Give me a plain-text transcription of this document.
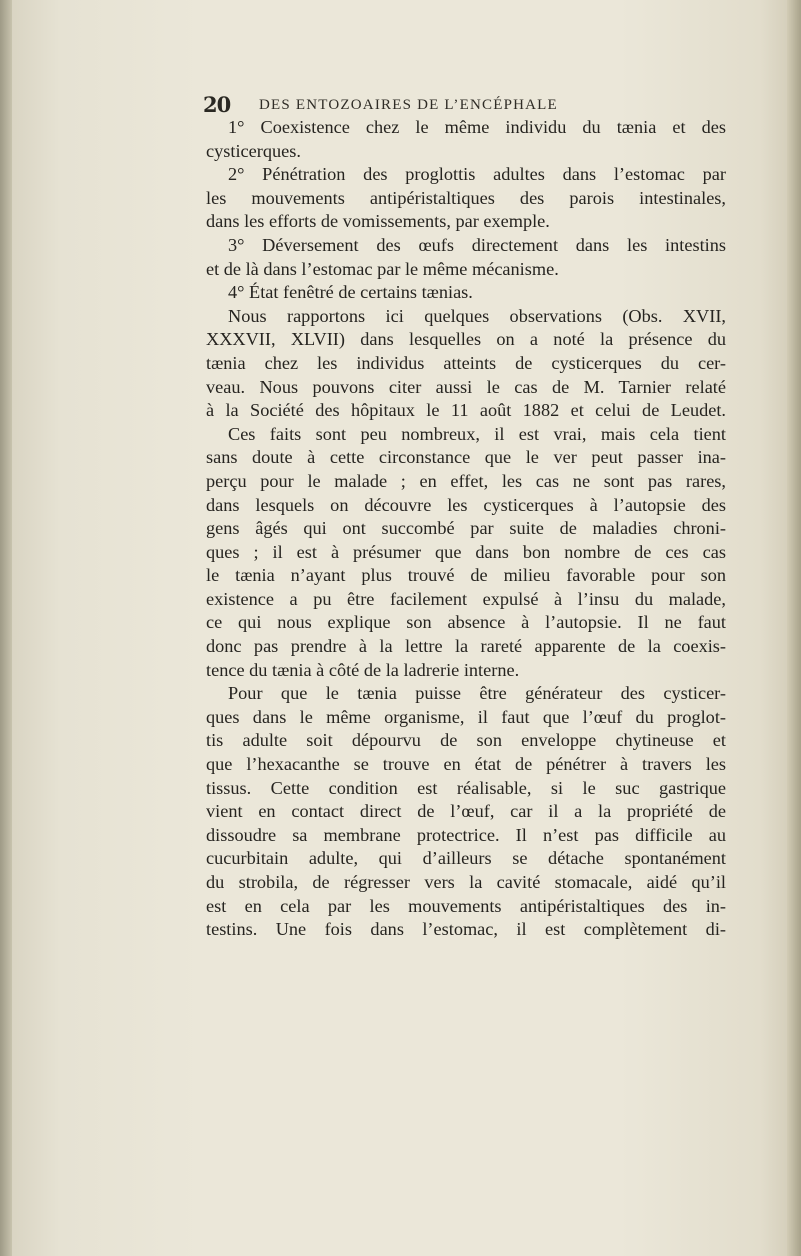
20 DES ENTOZOAIRES DE L’ENCÉPHALE
1° Coexistence chez le même individu du tænia et des
cysticerques.
2° Pénétration des proglottis adultes dans l’estomac par
les mouvements antipéristaltiques des parois intestinales,
dans les efforts de vomissements, par exemple.
3° Déversement des œufs directement dans les intestins
et de là dans l’estomac par le même mécanisme.
4° État fenêtré de certains tænias.
Nous rapportons ici quelques observations (Obs. XVII,
XXXVII, XLVII) dans lesquelles on a noté la présence du
tænia chez les individus atteints de cysticerques du cer-
veau. Nous pouvons citer aussi le cas de M. Tarnier relaté
à la Société des hôpitaux le 11 août 1882 et celui de Leudet.
Ces faits sont peu nombreux, il est vrai, mais cela tient
sans doute à cette circonstance que le ver peut passer ina-
perçu pour le malade ; en effet, les cas ne sont pas rares,
dans lesquels on découvre les cysticerques à l’autopsie des
gens âgés qui ont succombé par suite de maladies chroni-
ques ; il est à présumer que dans bon nombre de ces cas
le tænia n’ayant plus trouvé de milieu favorable pour son
existence a pu être facilement expulsé à l’insu du malade,
ce qui nous explique son absence à l’autopsie. Il ne faut
donc pas prendre à la lettre la rareté apparente de la coexis-
tence du tænia à côté de la ladrerie interne.
Pour que le tænia puisse être générateur des cysticer-
ques dans le même organisme, il faut que l’œuf du proglot-
tis adulte soit dépourvu de son enveloppe chytineuse et
que l’hexacanthe se trouve en état de pénétrer à travers les
tissus. Cette condition est réalisable, si le suc gastrique
vient en contact direct de l’œuf, car il a la propriété de
dissoudre sa membrane protectrice. Il n’est pas difficile au
cucurbitain adulte, qui d’ailleurs se détache spontanément
du strobila, de régresser vers la cavité stomacale, aidé qu’il
est en cela par les mouvements antipéristaltiques des in-
testins. Une fois dans l’estomac, il est complètement di-
